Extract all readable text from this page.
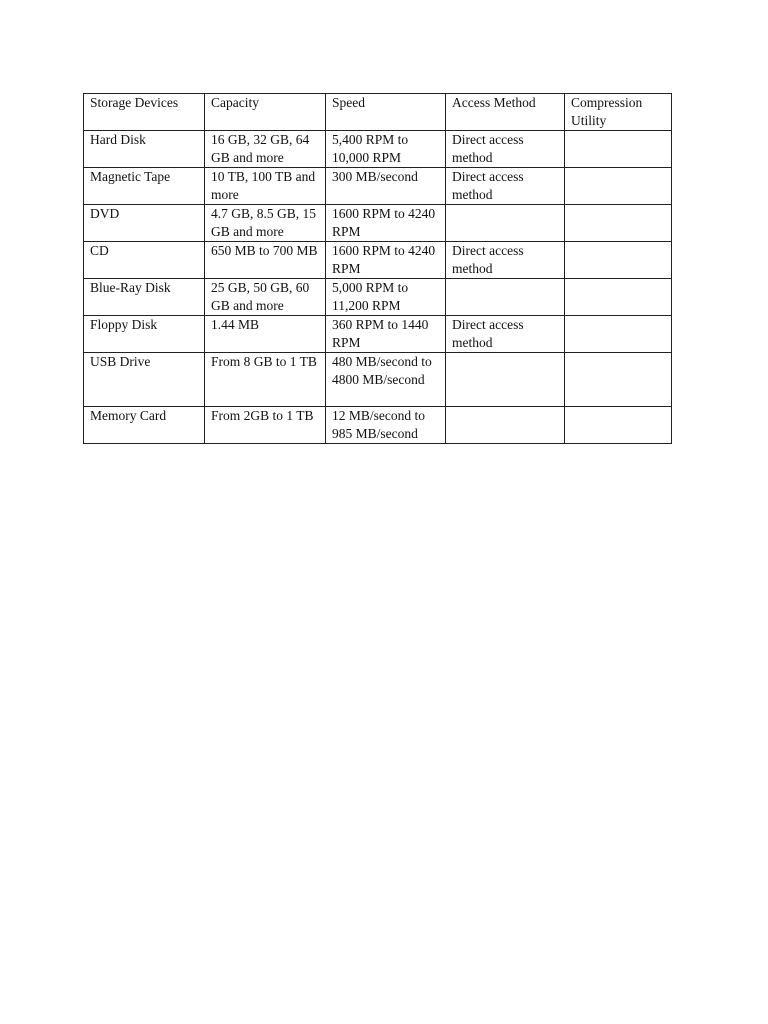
Storage Devices	Capacity	Speed	Access Method	Compression Utility
Hard Disk	16 GB, 32 GB, 64 GB and more	5,400 RPM to 10,000 RPM	Direct access method	
Magnetic Tape	10 TB, 100 TB and more	300 MB/second	Direct access method	
DVD	4.7 GB, 8.5 GB, 15 GB and more	1600 RPM to 4240 RPM		
CD	650 MB to 700 MB	1600 RPM to 4240 RPM	Direct access method	
Blue-Ray Disk	25 GB, 50 GB, 60 GB and more	5,000 RPM to 11,200 RPM		
Floppy Disk	1.44 MB	360 RPM to 1440 RPM	Direct access method	
USB Drive	From 8 GB to 1 TB	480 MB/second to 4800 MB/second		
Memory Card	From 2GB to 1 TB	12 MB/second to 985 MB/second		
